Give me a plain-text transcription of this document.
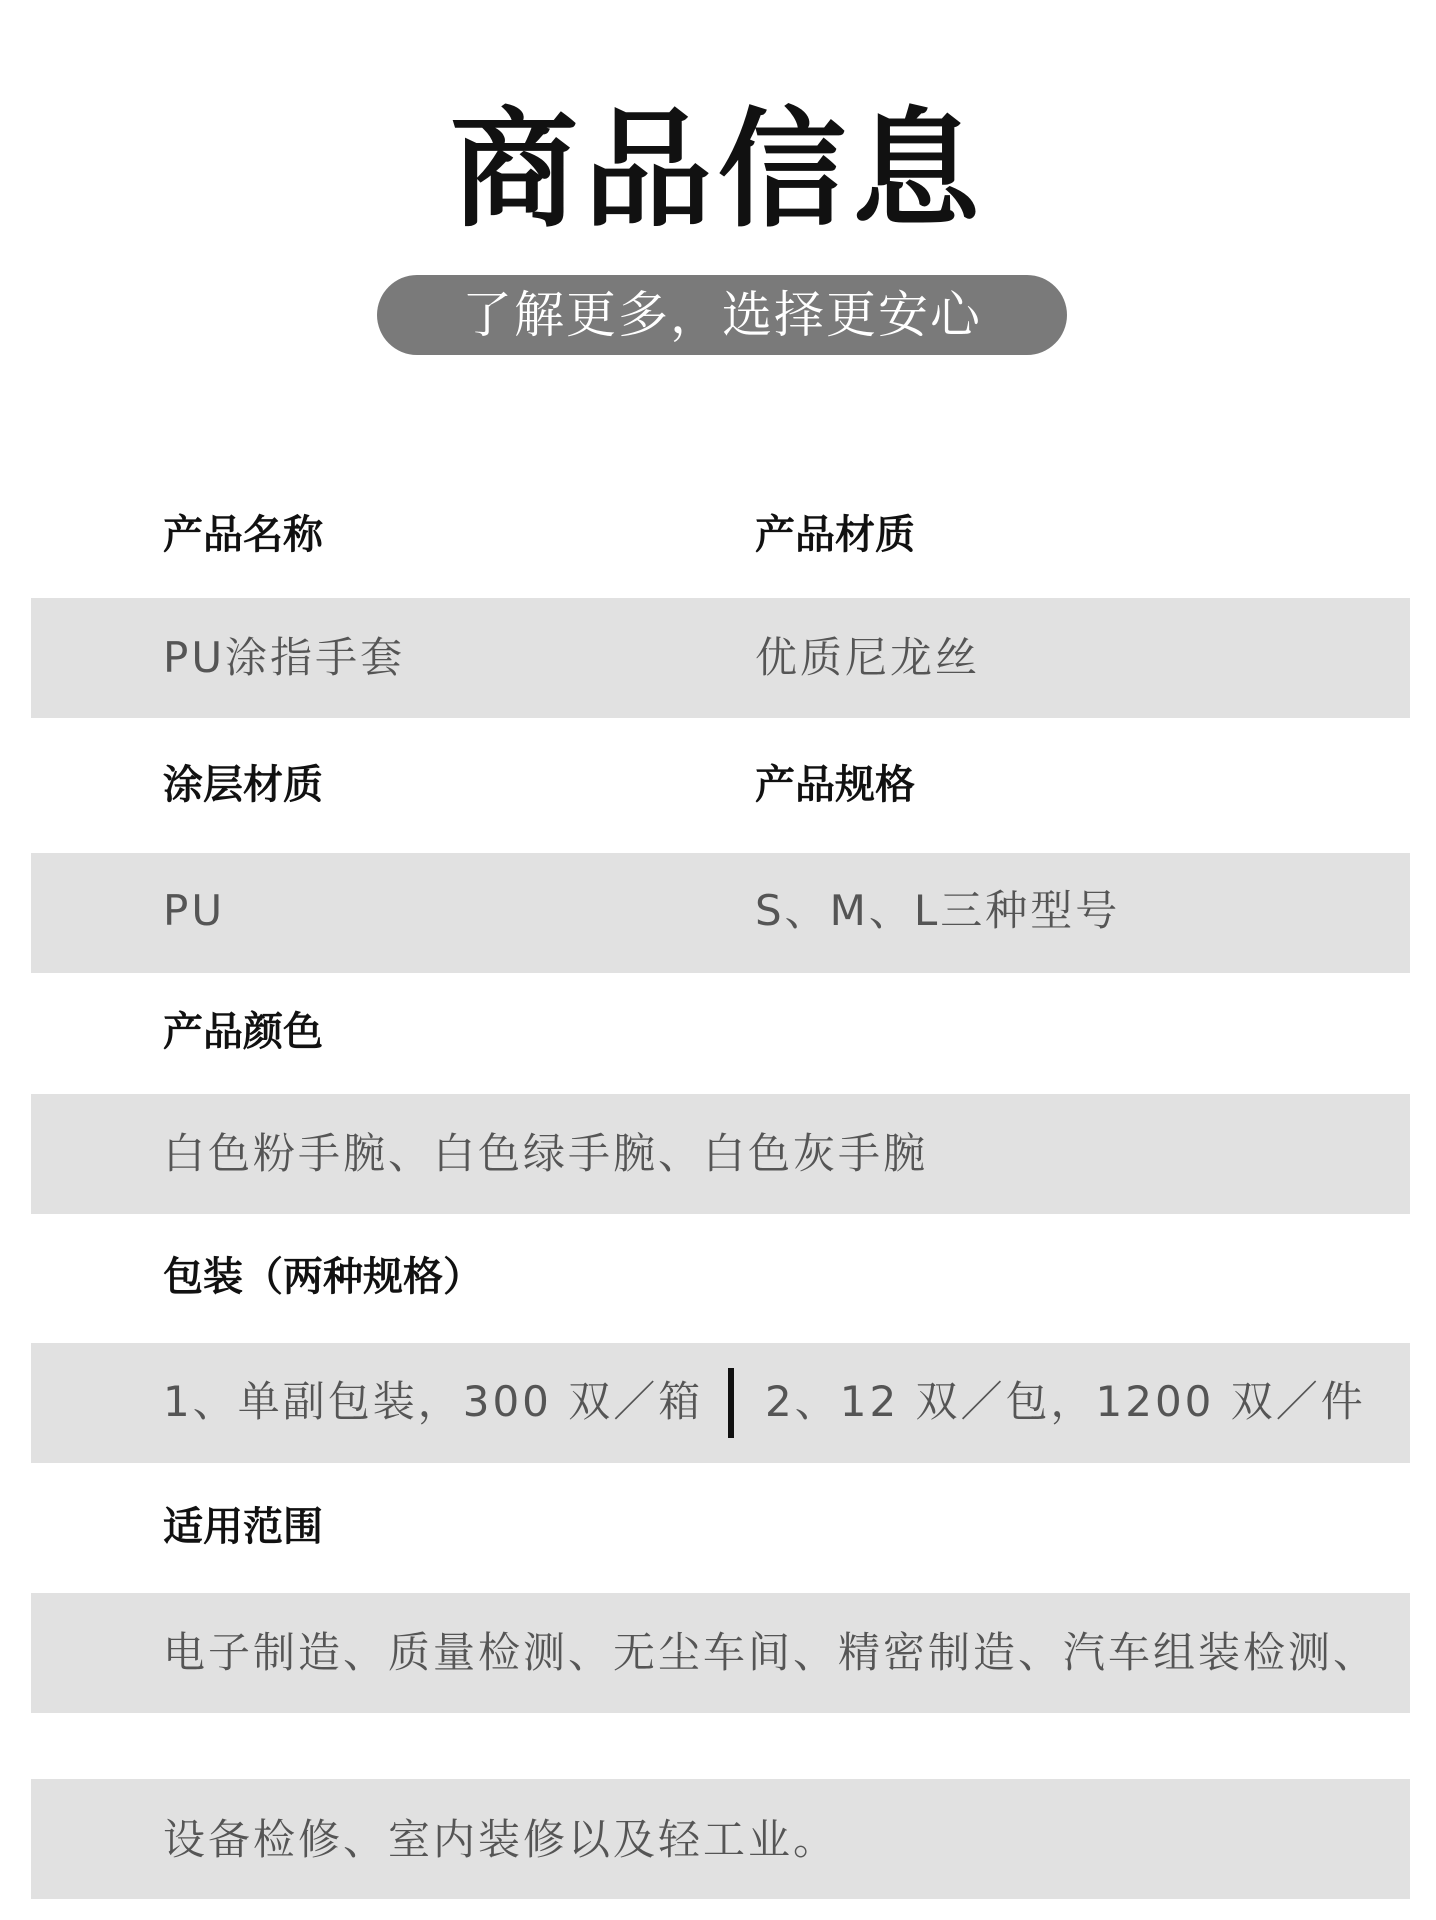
商品信息
了解更多，选择更安心
产品名称	产品材质
PU涂指手套	优质尼龙丝
涂层材质	产品规格
PU	S、M、L三种型号
产品颜色
白色粉手腕、白色绿手腕、白色灰手腕
包装（两种规格）
1、单副包装，300 双／箱 2、12 双／包，1200 双／件
适用范围
电子制造、质量检测、无尘车间、精密制造、汽车组装检测、
设备检修、室内装修以及轻工业。
